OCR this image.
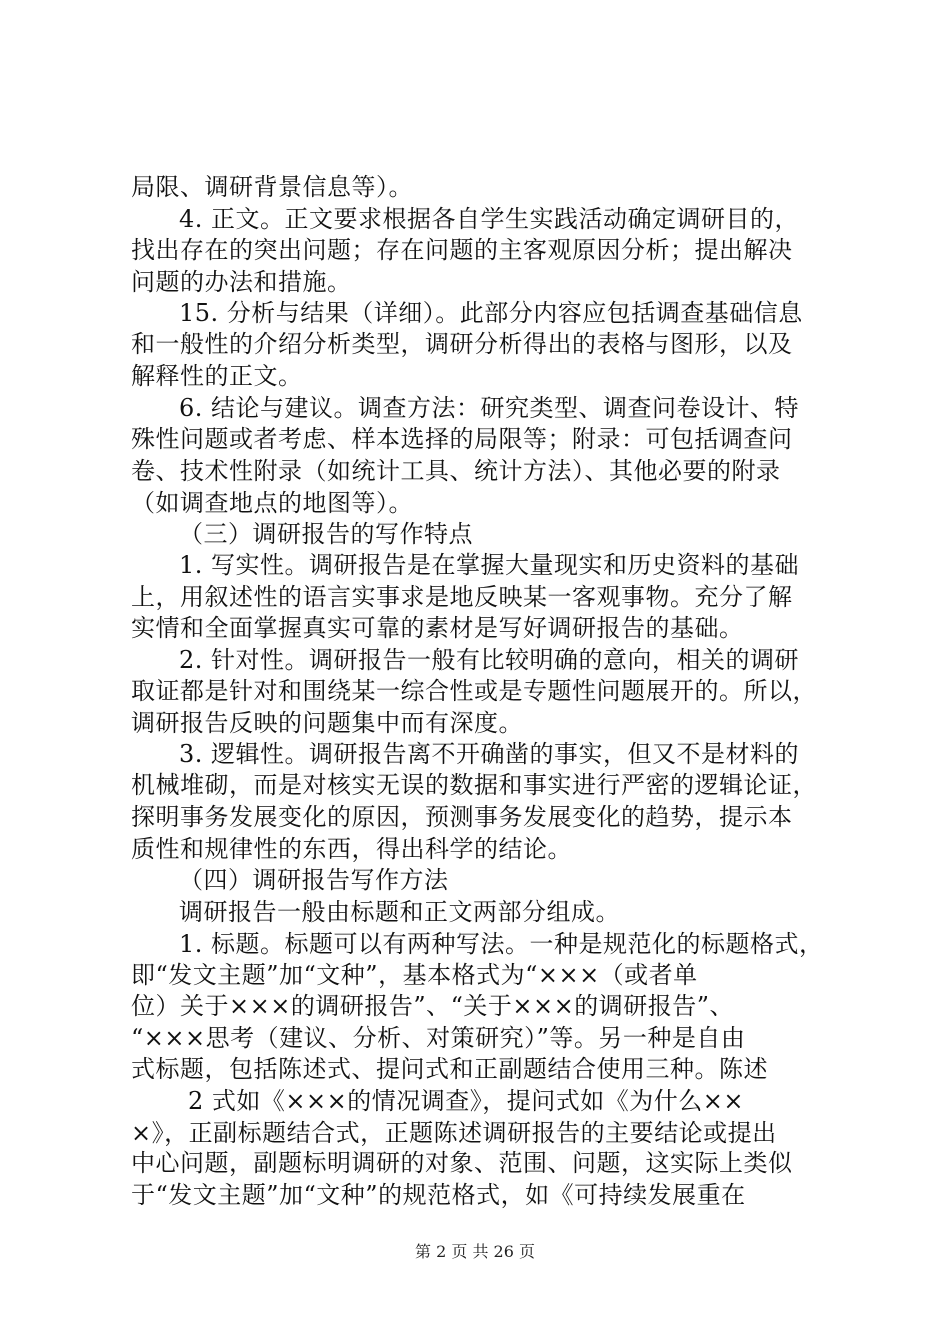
局限、调研背景信息等）。
4. 正文。正文要求根据各自学生实践活动确定调研目的，
找出存在的突出问题；存在问题的主客观原因分析；提出解决
问题的办法和措施。
15. 分析与结果（详细）。此部分内容应包括调查基础信息
和一般性的介绍分析类型，调研分析得出的表格与图形，以及
解释性的正文。
6. 结论与建议。调查方法：研究类型、调查问卷设计、特
殊性问题或者考虑、样本选择的局限等；附录：可包括调查问
卷、技术性附录（如统计工具、统计方法）、其他必要的附录
（如调查地点的地图等）。
（三）调研报告的写作特点
1. 写实性。调研报告是在掌握大量现实和历史资料的基础
上，用叙述性的语言实事求是地反映某一客观事物。充分了解
实情和全面掌握真实可靠的素材是写好调研报告的基础。
2. 针对性。调研报告一般有比较明确的意向，相关的调研
取证都是针对和围绕某一综合性或是专题性问题展开的。所以，
调研报告反映的问题集中而有深度。
3. 逻辑性。调研报告离不开确凿的事实，但又不是材料的
机械堆砌，而是对核实无误的数据和事实进行严密的逻辑论证，
探明事务发展变化的原因，预测事务发展变化的趋势，提示本
质性和规律性的东西，得出科学的结论。
（四）调研报告写作方法
调研报告一般由标题和正文两部分组成。
1. 标题。标题可以有两种写法。一种是规范化的标题格式，
即“发文主题”加“文种”，基本格式为“×××（或者单
位）关于×××的调研报告”、“关于×××的调研报告”、
“×××思考（建议、分析、对策研究）”等。另一种是自由
式标题，包括陈述式、提问式和正副题结合使用三种。陈述
2 式如《×××的情况调查》，提问式如《为什么××
×》，正副标题结合式，正题陈述调研报告的主要结论或提出
中心问题，副题标明调研的对象、范围、问题，这实际上类似
于“发文主题”加“文种”的规范格式，如《可持续发展重在
第 2 页 共 26 页
